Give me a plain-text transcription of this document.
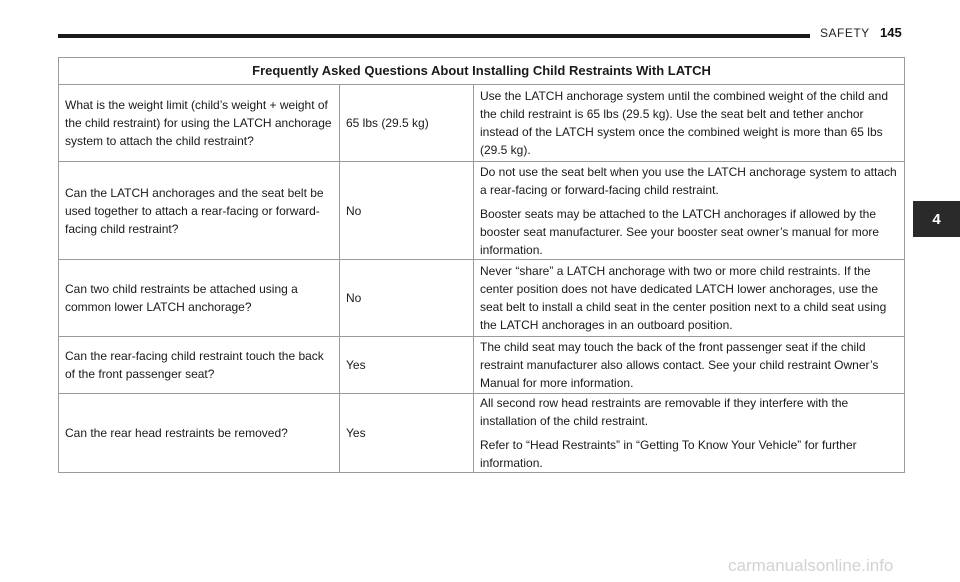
SAFETY 145
4
Frequently Asked Questions About Installing Child Restraints With LATCH		
What is the weight limit (child’s weight + weight of the child restraint) for using the LATCH anchorage system to attach the child restraint?	65 lbs (29.5 kg)	Use the LATCH anchorage system until the combined weight of the child and the child restraint is 65 lbs (29.5 kg). Use the seat belt and tether anchor instead of the LATCH system once the combined weight is more than 65 lbs (29.5 kg).

Can the LATCH anchorages and the seat belt be used together to attach a rear-facing or forward-facing child restraint?	No	Do not use the seat belt when you use the LATCH anchorage system to attach a rear-facing or forward-facing child restraint.

Booster seats may be attached to the LATCH anchorages if allowed by the booster seat manufacturer. See your booster seat owner’s manual for more information.

Can two child restraints be attached using a common lower LATCH anchorage?	No	Never “share” a LATCH anchorage with two or more child restraints. If the center position does not have dedicated LATCH lower anchorages, use the seat belt to install a child seat in the center position next to a child seat using the LATCH anchorages in an outboard position.

Can the rear-facing child restraint touch the back of the front passenger seat?	Yes	The child seat may touch the back of the front passenger seat if the child restraint manufacturer also allows contact. See your child restraint Owner’s Manual for more information.

Can the rear head restraints be removed?	Yes	All second row head restraints are removable if they interfere with the installation of the child restraint.

Refer to “Head Restraints” in “Getting To Know Your Vehicle” for further information.

carmanualsonline.info
